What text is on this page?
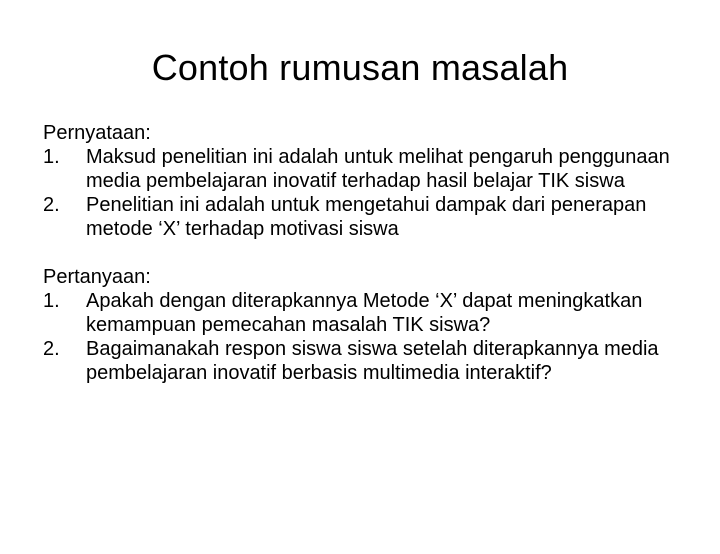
Contoh rumusan masalah

Pernyataan:

1. Maksud penelitian ini adalah untuk melihat pengaruh penggunaan media pembelajaran inovatif terhadap hasil belajar TIK siswa
2. Penelitian ini adalah untuk mengetahui dampak dari penerapan metode ‘X’ terhadap motivasi siswa

Pertanyaan:

1. Apakah dengan diterapkannya Metode ‘X’ dapat meningkatkan kemampuan pemecahan masalah TIK siswa?
2. Bagaimanakah respon siswa siswa setelah diterapkannya media pembelajaran inovatif berbasis multimedia interaktif?
